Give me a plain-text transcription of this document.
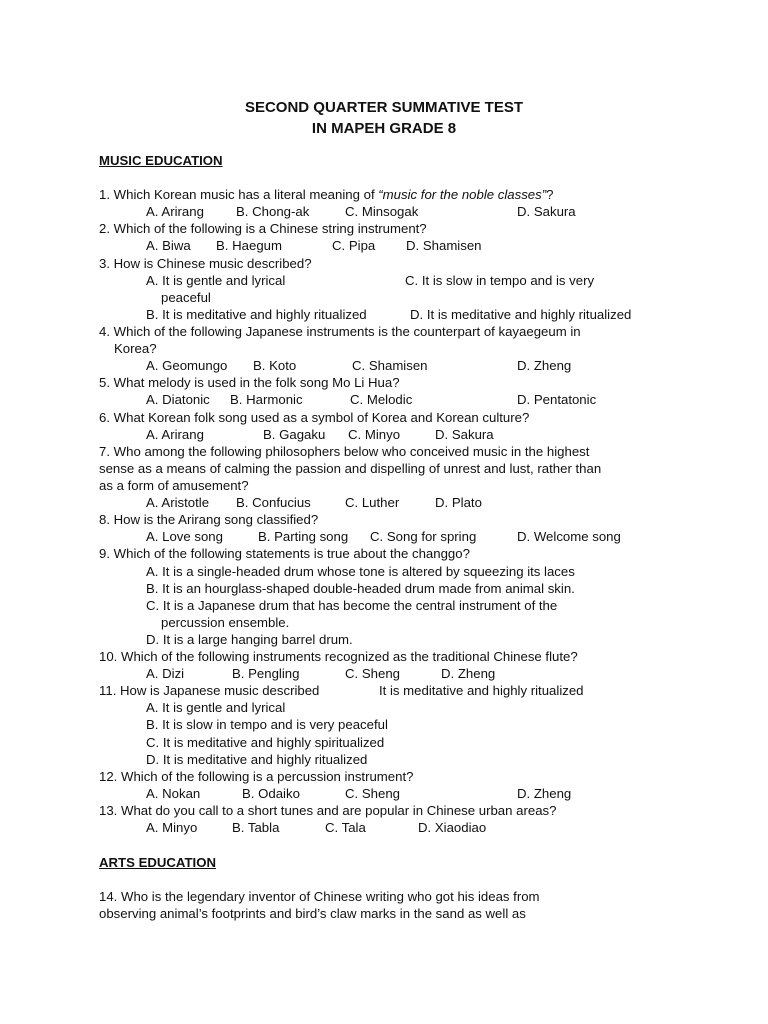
SECOND QUARTER SUMMATIVE TEST
IN MAPEH GRADE 8
MUSIC EDUCATION
1. Which Korean music has a literal meaning of “music for the noble classes”?
A. Arirang B. Chong-ak	C. Minsogak	D. Sakura
2. Which of the following is a Chinese string instrument?
A. Biwa B. Haegum	C. Pipa D. Shamisen
3. How is Chinese music described?
A. It is gentle and lyrical	C. It is slow in tempo and is very
peaceful
B. It is meditative and highly ritualized	D. It is meditative and highly ritualized
4. Which of the following Japanese instruments is the counterpart of kayaegeum in
Korea?
A. Geomungo B. Koto	C. Shamisen	D. Zheng
5. What melody is used in the folk song Mo Li Hua?
A. Diatonic B. Harmonic	C. Melodic	D. Pentatonic
6. What Korean folk song used as a symbol of Korea and Korean culture?
A. Arirang	B. Gagaku C. Minyo	D. Sakura
7. Who among the following philosophers below who conceived music in the highest
sense as a means of calming the passion and dispelling of unrest and lust, rather than
as a form of amusement?
A. Aristotle B. Confucius	C. Luther	D. Plato
8. How is the Arirang song classified?
A. Love song	B. Parting song C. Song for spring	D. Welcome song
9. Which of the following statements is true about the changgo?
A. It is a single-headed drum whose tone is altered by squeezing its laces
B. It is an hourglass-shaped double-headed drum made from animal skin.
C. It is a Japanese drum that has become the central instrument of the
percussion ensemble.
D. It is a large hanging barrel drum.
10. Which of the following instruments recognized as the traditional Chinese flute?
A. Dizi	B. Pengling	C. Sheng	D. Zheng
11. How is Japanese music described	It is meditative and highly ritualized
A. It is gentle and lyrical
B. It is slow in tempo and is very peaceful
C. It is meditative and highly spiritualized
D. It is meditative and highly ritualized
12. Which of the following is a percussion instrument?
A. Nokan	B. Odaiko	C. Sheng	D. Zheng
13. What do you call to a short tunes and are popular in Chinese urban areas?
A. Minyo	B. Tabla	C. Tala	D. Xiaodiao
ARTS EDUCATION
14. Who is the legendary inventor of Chinese writing who got his ideas from
observing animal’s footprints and bird’s claw marks in the sand as well as
